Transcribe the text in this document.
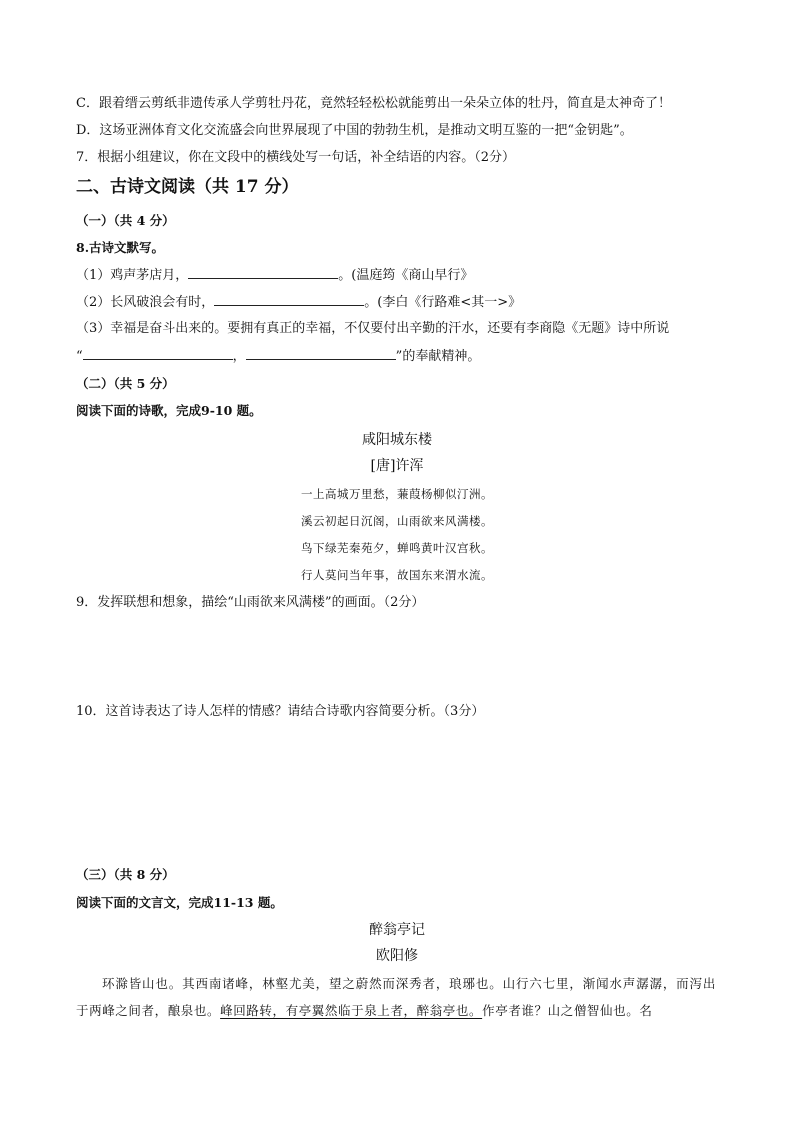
C．跟着缙云剪纸非遗传承人学剪牡丹花，竟然轻轻松松就能剪出一朵朵立体的牡丹，简直是太神奇了！
D．这场亚洲体育文化交流盛会向世界展现了中国的勃勃生机，是推动文明互鉴的一把“金钥匙”。
7．根据小组建议，你在文段中的横线处写一句话，补全结语的内容。（2分）
二、古诗文阅读（共 17 分）
（一）（共 4 分）
8.古诗文默写。
（1）鸡声茅店月，	。(温庭筠《商山早行》
（2）长风破浪会有时，	。(李白《行路难<其一>》
（3）幸福是奋斗出来的。要拥有真正的幸福，不仅要付出辛勤的汗水，还要有李商隐《无题》诗中所说
“	，	”的奉献精神。
（二）（共 5 分）
阅读下面的诗歌，完成9-10 题。
咸阳城东楼
[唐]许浑
一上高城万里愁，蒹葭杨柳似汀洲。
溪云初起日沉阁，山雨欲来风满楼。
鸟下绿芜秦苑夕，蝉鸣黄叶汉宫秋。
行人莫问当年事，故国东来渭水流。
9．发挥联想和想象，描绘“山雨欲来风满楼”的画面。（2分）
10．这首诗表达了诗人怎样的情感？请结合诗歌内容简要分析。（3分）
（三）（共 8 分）
阅读下面的文言文，完成11-13 题。
醉翁亭记
欧阳修
环滁皆山也。其西南诸峰，林壑尤美，望之蔚然而深秀者，琅琊也。山行六七里，渐闻水声潺潺，而泻出于两峰之间者，酿泉也。峰回路转，有亭翼然临于泉上者，醉翁亭也。作亭者谁？山之僧智仙也。名
